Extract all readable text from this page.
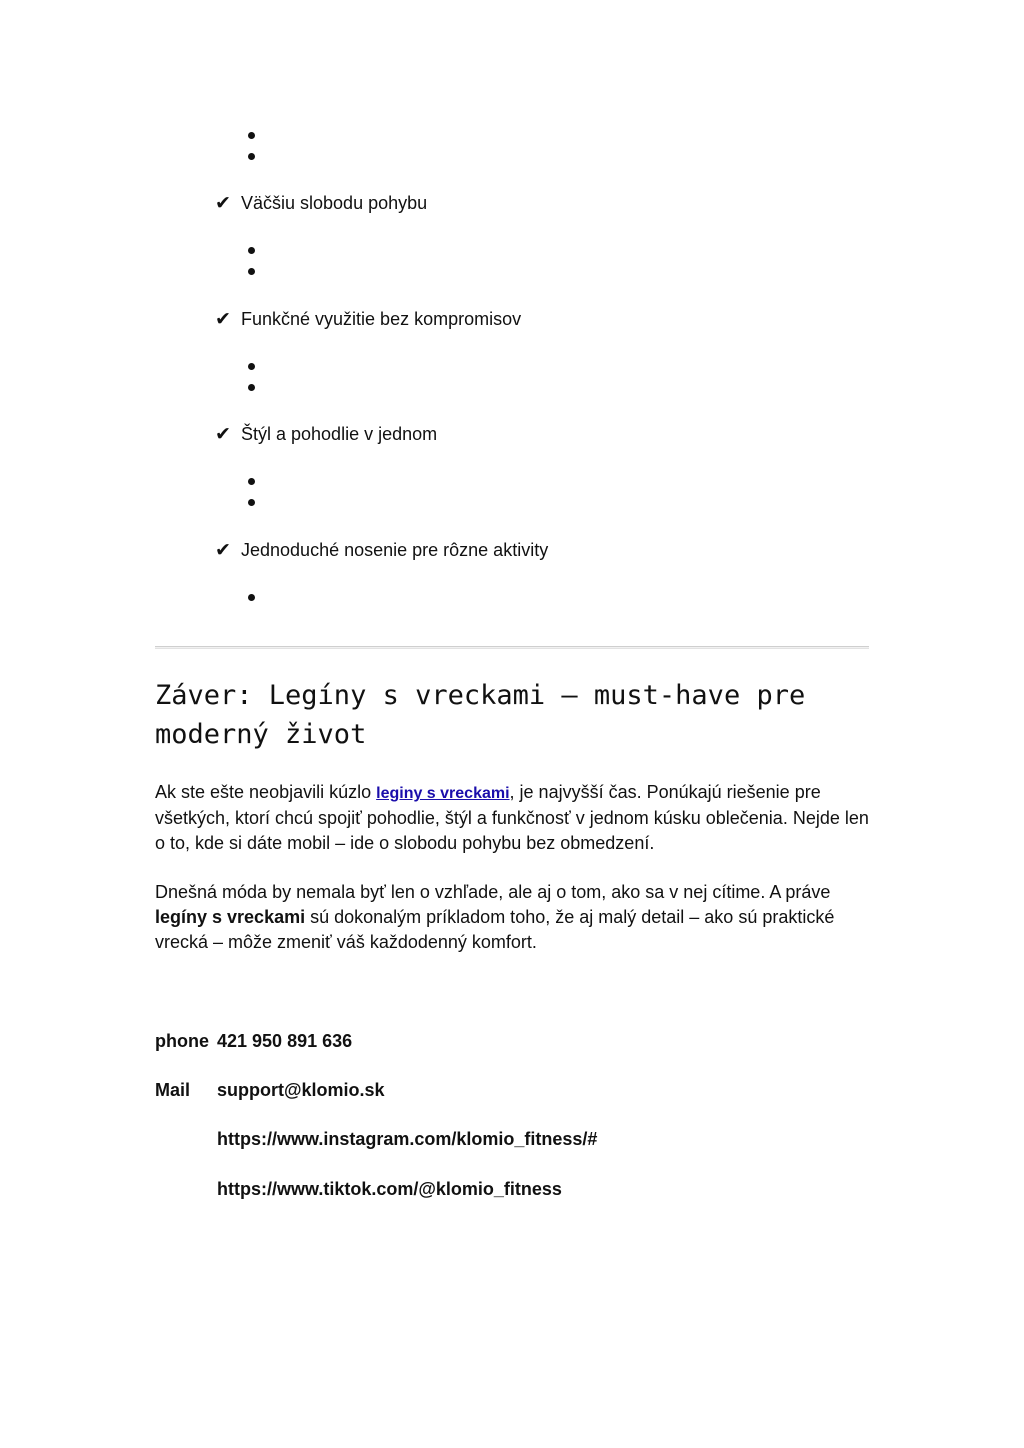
✔ Väčšiu slobodu pohybu
✔ Funkčné využitie bez kompromisov
✔ Štýl a pohodlie v jednom
✔ Jednoduché nosenie pre rôzne aktivity
Záver: Legíny s vreckami – must-have pre moderný život

Ak ste ešte neobjavili kúzlo leginy s vreckami, je najvyšší čas. Ponúkajú riešenie pre všetkých, ktorí chcú spojiť pohodlie, štýl a funkčnosť v jednom kúsku oblečenia. Nejde len o to, kde si dáte mobil – ide o slobodu pohybu bez obmedzení.

Dnešná móda by nemala byť len o vzhľade, ale aj o tom, ako sa v nej cítime. A práve legíny s vreckami sú dokonalým príkladom toho, že aj malý detail – ako sú praktické vrecká – môže zmeniť váš každodenný komfort.

phone 421 950 891 636
Mail support@klomio.sk
https://www.instagram.com/klomio_fitness/#
https://www.tiktok.com/@klomio_fitness
